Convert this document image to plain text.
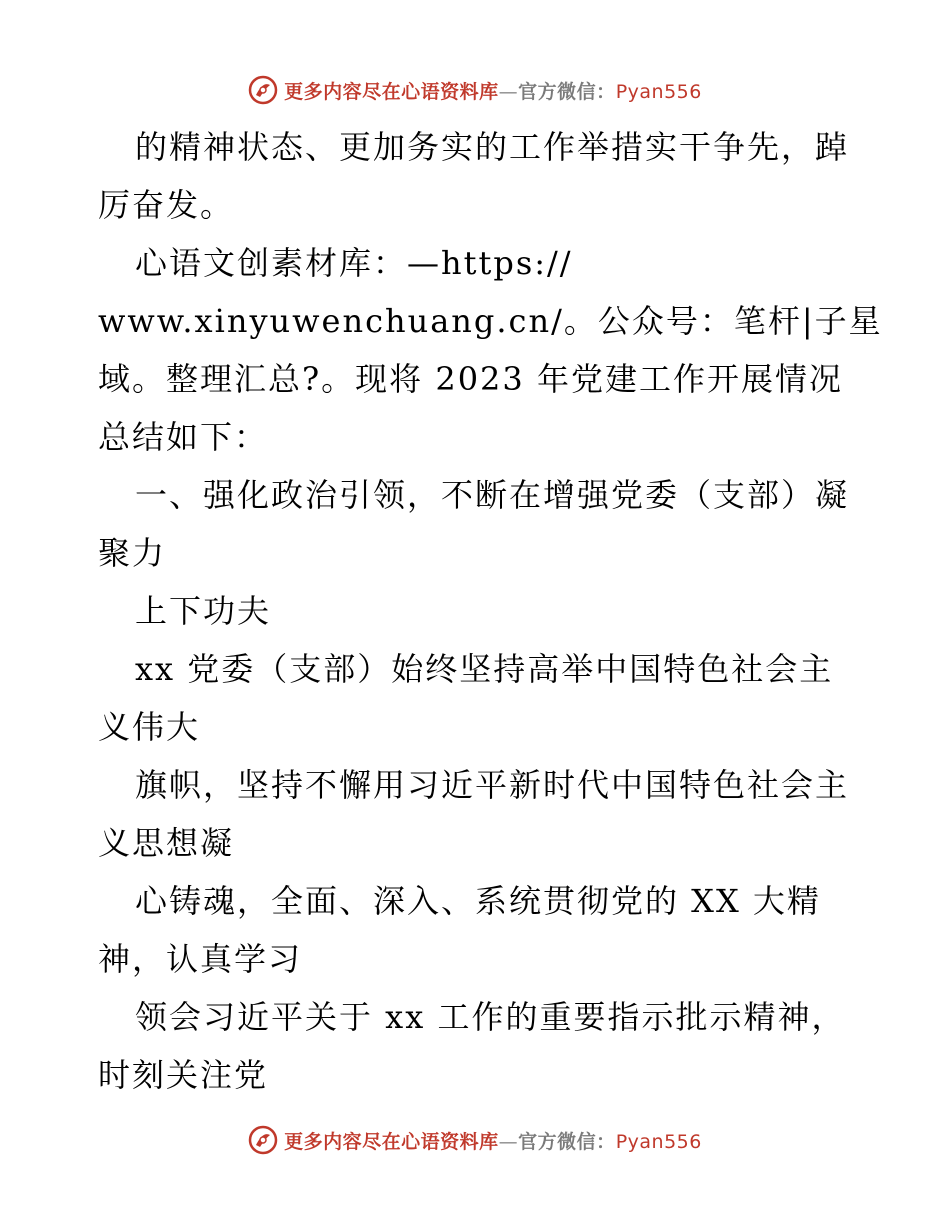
更多内容尽在心语资料库—官方微信：Pyan556
的精神状态、更加务实的工作举措实干争先，踔
厉奋发。
心语文创素材库：—https://
www.xinyuwenchuang.cn/。公众号：笔杆|子星
域。整理汇总?。现将 2023 年党建工作开展情况
总结如下：
一、强化政治引领，不断在增强党委（支部）凝
聚力
上下功夫
xx 党委（支部）始终坚持高举中国特色社会主
义伟大
旗帜，坚持不懈用习近平新时代中国特色社会主
义思想凝
心铸魂，全面、深入、系统贯彻党的 XX 大精
神，认真学习
领会习近平关于 xx 工作的重要指示批示精神，
时刻关注党
更多内容尽在心语资料库—官方微信：Pyan556
